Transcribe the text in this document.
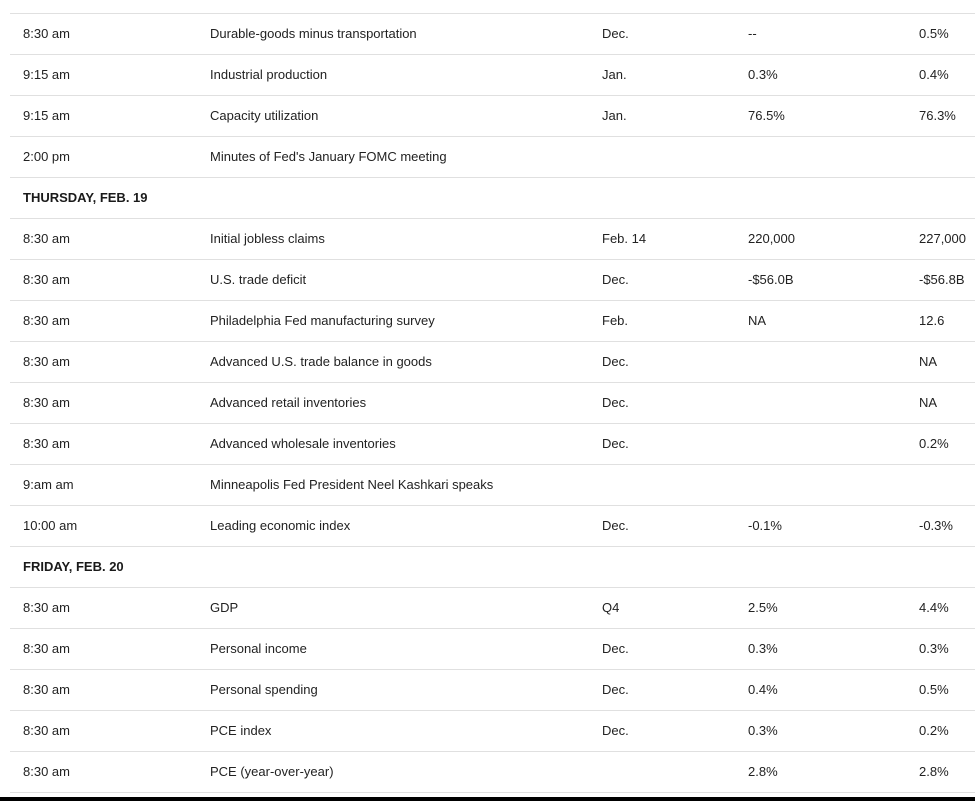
8:30 am	Durable-goods minus transportation	Dec.	--	0.5%
9:15 am	Industrial production	Jan.	0.3%	0.4%
9:15 am	Capacity utilization	Jan.	76.5%	76.3%
2:00 pm	Minutes of Fed's January FOMC meeting			
THURSDAY, FEB. 19				
8:30 am	Initial jobless claims	Feb. 14	220,000	227,000
8:30 am	U.S. trade deficit	Dec.	-$56.0B	-$56.8B
8:30 am	Philadelphia Fed manufacturing survey	Feb.	NA	12.6
8:30 am	Advanced U.S. trade balance in goods	Dec.		NA
8:30 am	Advanced retail inventories	Dec.		NA
8:30 am	Advanced wholesale inventories	Dec.		0.2%
9:am am	Minneapolis Fed President Neel Kashkari speaks			
10:00 am	Leading economic index	Dec.	-0.1%	-0.3%
FRIDAY, FEB. 20				
8:30 am	GDP	Q4	2.5%	4.4%
8:30 am	Personal income	Dec.	0.3%	0.3%
8:30 am	Personal spending	Dec.	0.4%	0.5%
8:30 am	PCE index	Dec.	0.3%	0.2%
8:30 am	PCE (year-over-year)		2.8%	2.8%
